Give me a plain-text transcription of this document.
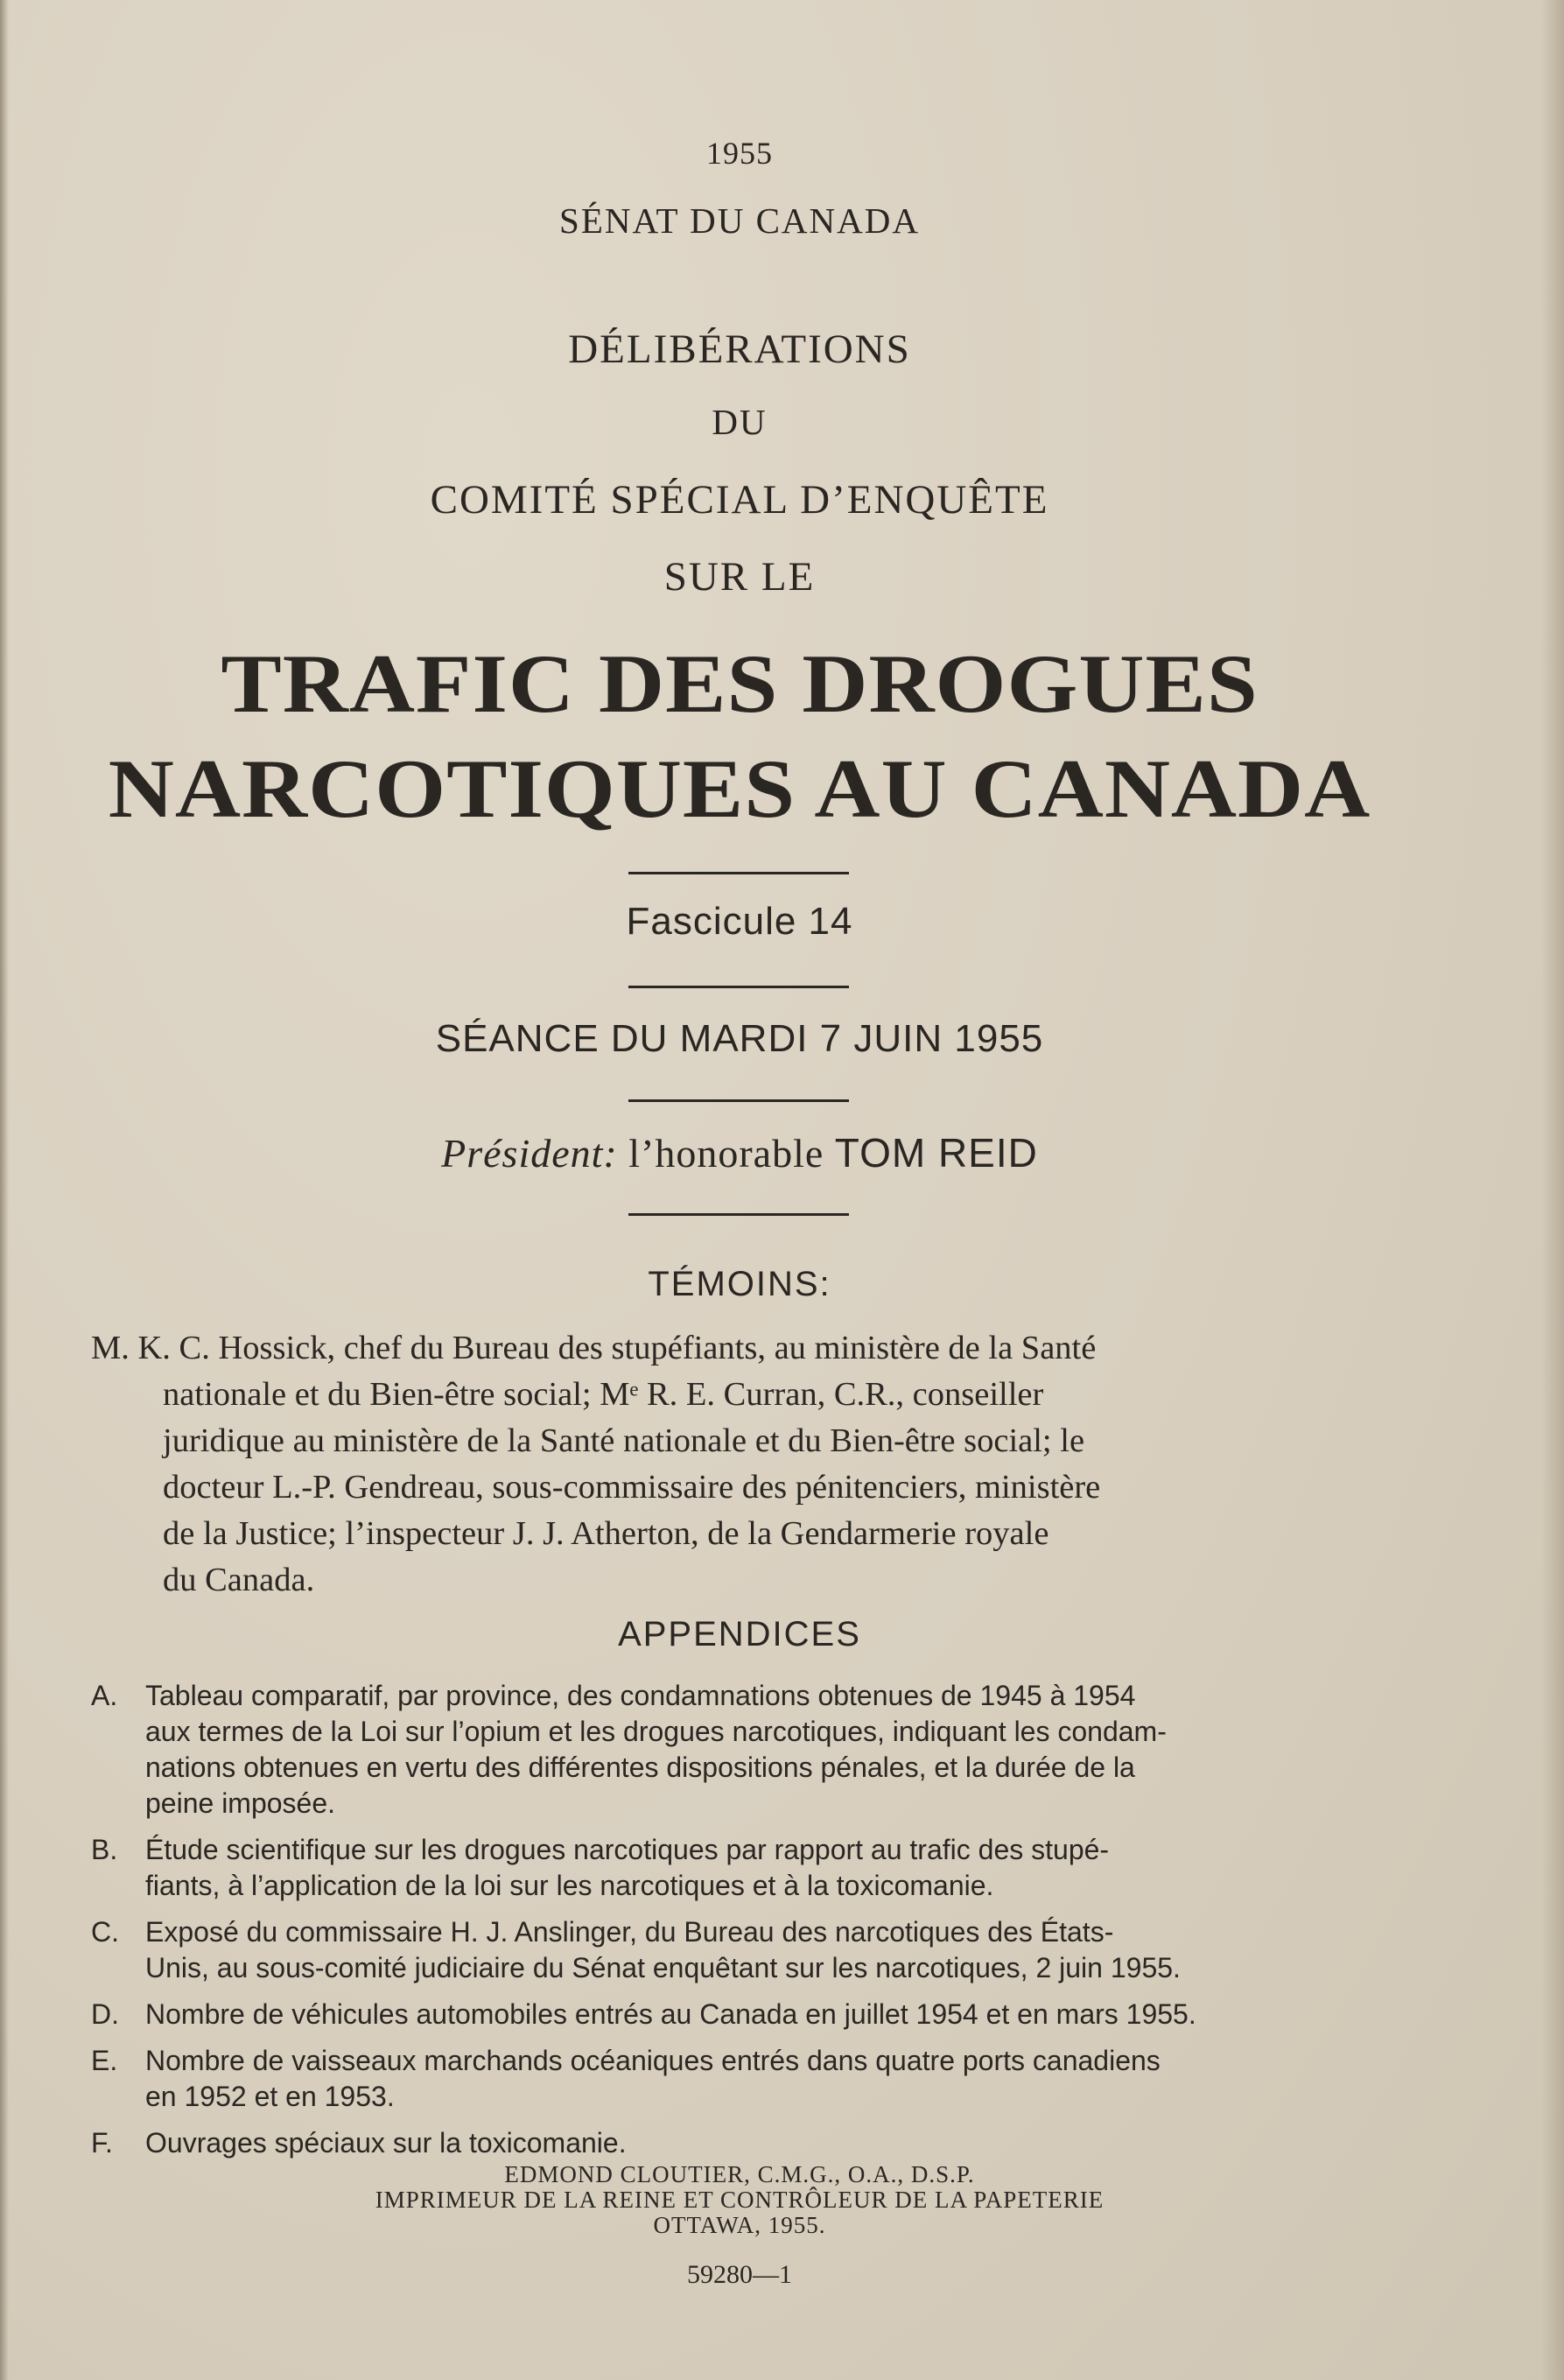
1955
SÉNAT DU CANADA
DÉLIBÉRATIONS
DU
COMITÉ SPÉCIAL D’ENQUÊTE
SUR LE
TRAFIC DES DROGUES
NARCOTIQUES AU CANADA
Fascicule 14
SÉANCE DU MARDI 7 JUIN 1955
Président: l’honorable TOM REID
TÉMOINS:
M. K. C. Hossick, chef du Bureau des stupéfiants, au ministère de la Santé
nationale et du Bien-être social; Mᵉ R. E. Curran, C.R., conseiller
juridique au ministère de la Santé nationale et du Bien-être social; le
docteur L.-P. Gendreau, sous-commissaire des pénitenciers, ministère
de la Justice; l’inspecteur J. J. Atherton, de la Gendarmerie royale
du Canada.
APPENDICES
A. Tableau comparatif, par province, des condamnations obtenues de 1945 à 1954
aux termes de la Loi sur l’opium et les drogues narcotiques, indiquant les condam-
nations obtenues en vertu des différentes dispositions pénales, et la durée de la
peine imposée.
B. Étude scientifique sur les drogues narcotiques par rapport au trafic des stupé-
fiants, à l’application de la loi sur les narcotiques et à la toxicomanie.
C. Exposé du commissaire H. J. Anslinger, du Bureau des narcotiques des États-
Unis, au sous-comité judiciaire du Sénat enquêtant sur les narcotiques, 2 juin 1955.
D. Nombre de véhicules automobiles entrés au Canada en juillet 1954 et en mars 1955.
E. Nombre de vaisseaux marchands océaniques entrés dans quatre ports canadiens
en 1952 et en 1953.
F. Ouvrages spéciaux sur la toxicomanie.
EDMOND CLOUTIER, C.M.G., O.A., D.S.P.
IMPRIMEUR DE LA REINE ET CONTRÔLEUR DE LA PAPETERIE
OTTAWA, 1955.
59280—1
